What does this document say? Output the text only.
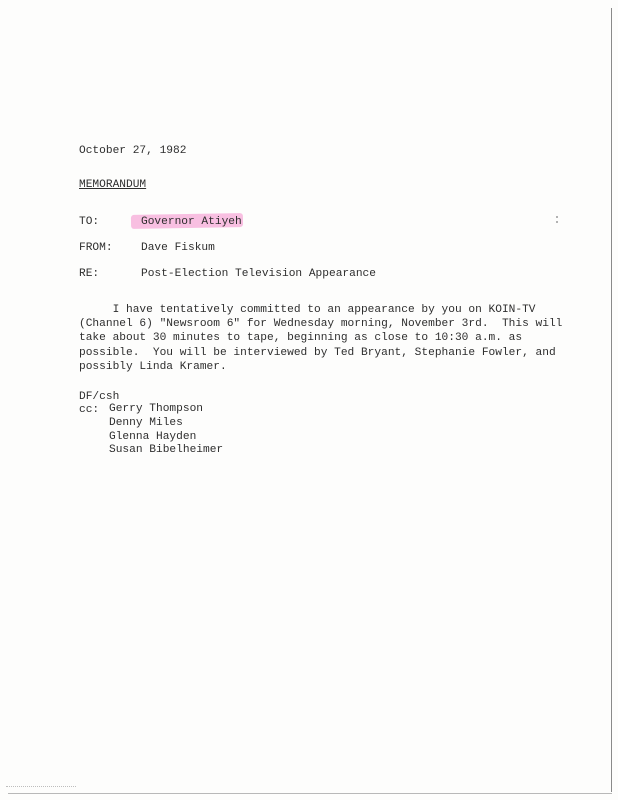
October 27, 1982
MEMORANDUM
TO:	Governor Atiyeh
FROM:	Dave Fiskum
RE:	Post-Election Television Appearance
I have tentatively committed to an appearance by you on KOIN-TV
(Channel 6) "Newsroom 6" for Wednesday morning, November 3rd.  This will
take about 30 minutes to tape, beginning as close to 10:30 a.m. as
possible.  You will be interviewed by Ted Bryant, Stephanie Fowler, and
possibly Linda Kramer.
DF/csh
cc: Gerry Thompson
Denny Miles
Glenna Hayden
Susan Bibelheimer
